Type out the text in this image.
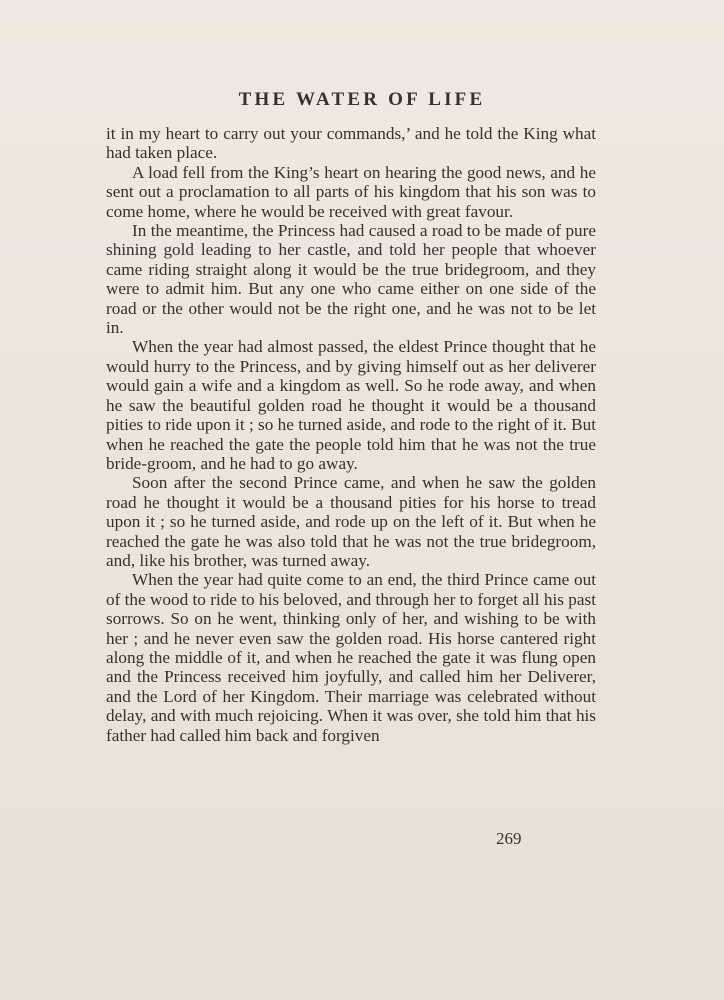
THE WATER OF LIFE

it in my heart to carry out your commands,’ and he told the King what had taken place.

A load fell from the King’s heart on hearing the good news, and he sent out a proclamation to all parts of his kingdom that his son was to come home, where he would be received with great favour.

In the meantime, the Princess had caused a road to be made of pure shining gold leading to her castle, and told her people that whoever came riding straight along it would be the true bridegroom, and they were to admit him. But any one who came either on one side of the road or the other would not be the right one, and he was not to be let in.

When the year had almost passed, the eldest Prince thought that he would hurry to the Princess, and by giving himself out as her deliverer would gain a wife and a kingdom as well. So he rode away, and when he saw the beautiful golden road he thought it would be a thousand pities to ride upon it ; so he turned aside, and rode to the right of it. But when he reached the gate the people told him that he was not the true bride-groom, and he had to go away.

Soon after the second Prince came, and when he saw the golden road he thought it would be a thousand pities for his horse to tread upon it ; so he turned aside, and rode up on the left of it. But when he reached the gate he was also told that he was not the true bridegroom, and, like his brother, was turned away.

When the year had quite come to an end, the third Prince came out of the wood to ride to his beloved, and through her to forget all his past sorrows. So on he went, thinking only of her, and wishing to be with her ; and he never even saw the golden road. His horse cantered right along the middle of it, and when he reached the gate it was flung open and the Princess received him joyfully, and called him her Deliverer, and the Lord of her Kingdom. Their marriage was celebrated without delay, and with much rejoicing. When it was over, she told him that his father had called him back and forgiven

269
